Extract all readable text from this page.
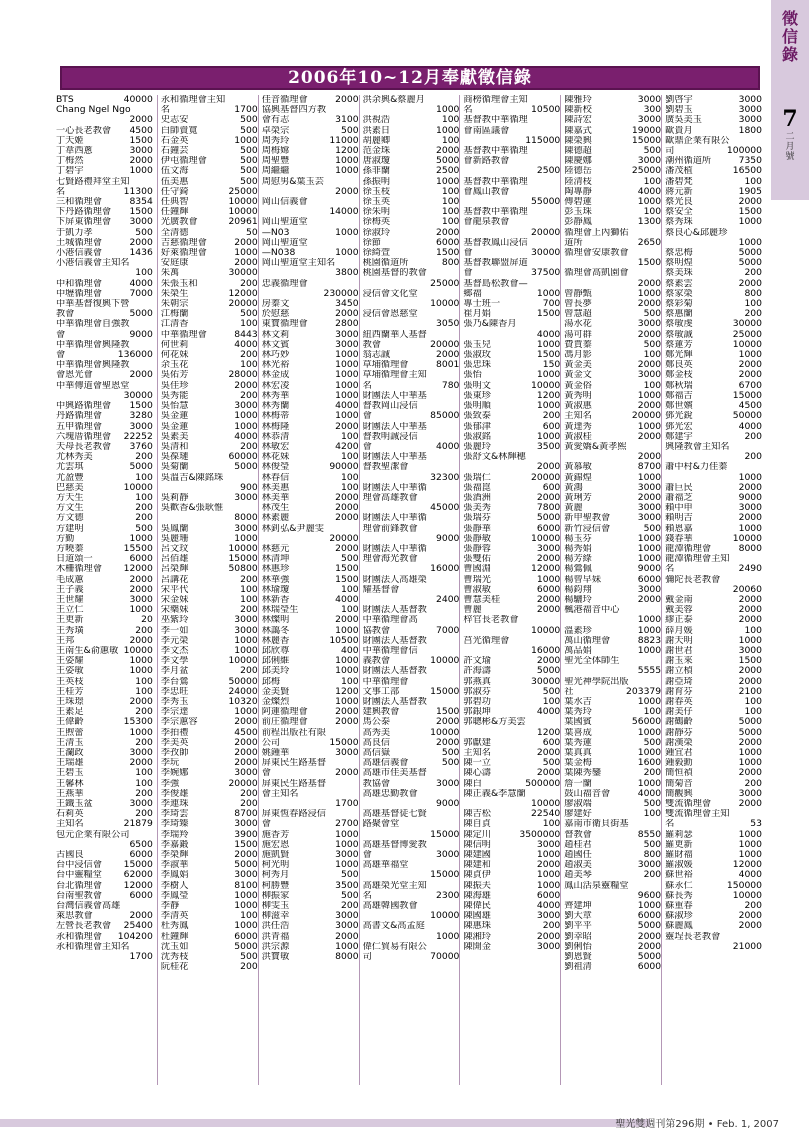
徵信錄
7
二月號
2006年10~12月奉獻徵信錄
BTS	40000
Chang Ngel Ngo
2000
一心長老教會 4500
丁天姬	1500
丁韋西蔥	3000
丁梅然	2000
丁碧宇	1000
七賢路禮拜堂主知
名	11300
三和循理會	8354
下丹路循理會 1500
下屏東循理會 3000
于凱力孝	500
土城循理會	2000
小港信義會	1436
小港信義會主知名
100
中和循理會	4000
中壢循理會	7000
中華基督復興下營
教會	5000
中華循理會自強教
會	9000
中華循理會興隆教
會	136000
中華循理會興隆教
會恩光會	2000
中華傳道會聖恩堂
30000
中興路循理會 1500
丹路循理會	3280
五甲循理會	3000
六塊厝循理會 22252
天母長老教會 3760
尤林秀美	200
尤雲琪	5000
尤盈豐	100
巴慈美	10000
方天生	100
方文生	200
方文德	200
方建明	500
方勤	1000
方曉蓁	15500
日道頌一	6000
木柵循理會 12000
毛成蕙	2000
王子義	2000
王世耀	3000
王立仁	1000
王更新	20
王秀璜	200
王邦	2000
王南生&俞蕙敏 10000
王姿耀	1000
王姿敏	1000
王英枝	100
王桂芳	100
王珠璟	2000
王素足	200
王偉齡	15300
王煦蕾	1000
王清玉	200
王瀾政	3000
王瑞雄	2000
王碧玉	100
王馨林	100
王燕華	200
王鐵玉盆	3000
石莉英	200
主知名	21879
包元企業有限公司
6500
古國良	6000
台中浸信會 15000
台中靈糧堂 62000
台北循理會 12000
台南聖教會	6000
台灣信義會高雄
萊思教會	2000
左營長老教會 25400
永和循理會 104200
永和循理會主知名
1700
永和循理會主知
名	1700
史志安	500
白師賣寬	500
石金英	1000
石鐘芸	500
伊屯循理會	500
伍文海	500
伍美惠	500
任守錡	25000
任典智	10000
任鐘輝	10000
光廣教會	20961
全清德	50
吉慈循理會	2000
好萊循理會	1000
安庭康	2000
朱萬	30000
朱張玉和	200
朱榮生	12000
朱朝宗	20000
江梅蘭	500
江清香	100
中華循理會	8443
何世莉	4000
何花妹	200
余玉花	100
吳佑芳	28000
吳佳珍	2000
吳秀能	200
吳怡慧	3000
吳金蓮	1000
吳金蓮	1000
吳素美	4000
吳清和	200
吳葆璉	60000
吳菊蘭	5000
吳溫吉&陳銘珠
900
吳莉靜	3000
吳歡香&張耿惟
8000
吳鳳蘭	3000
吳麗珊	1000
呂文玟	10000
呂佰雄	15000
呂榮輝	50800
呂講花	200
宋平代	100
宋金妹	100
宋藥妹	200
巫紫玲	3000
李一如	3000
李元榮	1000
李文杰	1000
李文學	10000
李月盆	200
李台鶯	50000
李忠旺	24000
李秀玉	10320
李宗達	1000
李宗蕙容	2000
李拍禮	4500
李美英	2000
李孜帥	2000
李玩	2000
李婉娜	3000
李強	20000
李俊雄	200
李連珠	200
李琦雲	8700
李琦臻	3000
李瑞羚	3900
李嘉鍛	1500
李榮輝	2000
李淑華	5000
李鳳娟	3000
李樹人	8100
李鳳瑩	1000
李靜	1000
李清英	100
杜秀鳳	1000
杜鐘輝	6000
沈玉如	5000
沈秀枝	500
阮桂花	200
佳音循理會	2000
協興基督四方教
會有志	3100
卓榮宗	500
周秀玲	11000
周梅嫦	1200
周聖豐	1000
周繼繼	1000
周慰男&葉玉芸
2000
岡山信義會
14000
岡山聖道堂
—N03	1000
岡山聖道堂
—N038	1000
岡山聖道堂主知名
3800
忠義循理會
230000
房蓁文	3450
於慰慈	2000
東寶循理會	2800
林文莉	3000
林文賓	3000
林巧妙	1000
林光裕	1000
林金成	1000
林宏凌	1000
林秀華	1000
林秀蘭	4000
林梅蒂	1000
林梅隆	2000
林恭清	100
林敏宏	4200
林花妹	100
林俊瑩	90000
林春信	100
林美惠	100
林美華	2000
林茂生	2000
林素麗	2000
林釗弘&尹麗雯
20000
林慈元	2000
林清坤	500
林惠珍	1500
林華強	1500
林瑜瓊	100
林新香	4000
林瑞瑩生	100
林燦明	2000
林藹冬	1000
林麗香	10500
邱欣尊	400
邱俐維	1000
邱美玲	1000
邱梅	100
金美賢	1200
金燦烈	1000
阿蓮循理會	2000
前庄循理會	2000
前程出版社有限
公司	15000
姚鍾華	3000
屏東民生路基督
會	2000
屏東民生路基督
會主知名
1700
屏東恆春路浸信
會	2700
施香芳	1000
施宏恩	1000
施凱賢	3000
柯光明	1000
柯秀月	500
柯勝豐	3500
柳振家	500
柳雯玉	200
柳滋幸	3000
洪任浩	3000
洪青福	2000
洪宗源	1000
洪寶敏	8000
洪余興&蔡麗月
1000
洪視浩	100
洪素日	1000
胡麗卿	100
范金珠	2000
唐淑瓊	5000
孫菲蘭	2500
孫振明	1000
徐玉枝	100
徐玉英	100
徐朱明	100
徐梅英	100
徐淑玲	2000
徐節	6000
徐綺萱	1500
桃園循道所	800
桃園基督的教會
25000
浸信會文化堂
10000
浸信會恩慈堂
3050
紐西蘭華人基督
教會	20000
翁志誠	2000
草埔循理會	8001
草埔循理會主知
名	780
財團法人中華基
督教岡山浸信
會	85000
財團法人中華基
督教明誠浸信
會	4000
財團法人中華基
督教聖潔會
32300
財團法人中華循
理會高雄教會
45000
財團法人中華循
理會前鋒教會
9000
財團法人中華循
理會海光教會
16000
財團法人高雄榮
耀基督會
2400
財團法人基督教
中華循理會高
協教會	7000
財團法人基督教
中華循理會信
義教會	10000
財團法人基督教
中華循理會
文事工部	15000
財團法人基督教
建興教會	1500
馬公泰	2000
高秀美	10000
高良信	2000
高信嶽	500
高雄信義會	500
高雄市佳美基督
教協會	3000
高雄忠勤教會
9000
高雄基督徒七賢
路聚會堂
15000
高雄基督博愛教
會	3000
高雄華福堂
15000
高雄榮光堂主知
名	2300
高雄韓國教會
10000
高書文&高孟庭
1000
偉仁貿易有限公
司	70000
商榜循理會主知
名	10500
基督教中華循理
會南區議會
115000
基督教中華循理
會新路教會
2500
基督教中華循理
會鳳山教會
55000
基督教中華循理
會龍泉教會
20000
基督教鳳山浸信
會	30000
基督教聯盟屏道
會	37500
基督島松教會—
鄉福	1000
專士班一	700
崔月娟	1500
張乃&陳香月
4000
張玉兒	1000
張淑玫	1500
張忠珠	150
張怡	1000
張明文	10000
張東珍	1200
張明順	1000
張致泰	200
張郁津	600
張淑銘	1000
張麗玲	3500
張舒文&林輝穗
2000
張瑞仁	20000
張福崑	600
張酒洲	2000
張美秀	7800
張瑞芬	5000
張靜華	6000
張靜敏	10000
張靜蓉	3000
張雙佑	2000
曹國淵	12000
曹瑞光	1000
曹淑敏	6000
曹慧美桂	2000
曹麗	2000
梓官長老教會
10000
莒光循理會
16000
許文瑜	2000
許海濤	5000
郭燕真	30000
郭淑芬	500
郭碧功	100
郭銀坤	4000
郭聰彬&方美雲
1200
郭獻建	600
主知名	2000
陳一立	500
陳心濤	2000
陳白	500000
陳正義&李慧蘭
10000
陳吉松	22540
陳自貞	100
陳定川	3500000
陳信明	3000
陳建國	1000
陳建和	2000
陳貞伊	1000
陳振夫	1000
陳海雄	6000
陳偉民	4000
陳國雄	3000
陳惠珠	200
陳湘玲	2000
陳開金	3000
陳雅玲	3000
陳新校	300
陳詩宏	3000
陳嘉式	19000
陳榮興	15000
陳德超	500
陳慶娜	3000
陸德岳	25000
陸清枝	100
陶專靜	4000
傅碧蓮	1000
彭玉珠	100
彭靜鳳	1300
循理會上內獅佑
道所	2650
循理會安康教會
1500
循理會高凱園會
2000
曾靜甄	1000
曾長夢	2000
曾慧超	500
湯水花	3000
湯可群	2000
費賈蓁	500
馮月影	100
黃金美	2000
黃金文	3000
黃金俗	100
黃秀明	1000
黃淑惠	2000
主知名	20000
黃達秀	1000
黃淑桂	2000
黃愛嬌&黃孝熙
2000
黃慕敏	8700
黃錦煌	1000
黃鴻	3000
黃琍芳	2000
黃麗	3000
新甲聖教會	3000
新竹浸信會	500
楊玉芬	1000
楊秀娟	1000
楊芳綠	1000
楊鶯佩	9000
楊曾早妹	6000
楊鈞翔	3000
楊驪玲	2000
楓港福音中心
1000
溫素珍	1000
萬山循理會	8823
萬品娟	1000
聖光全体師生
5555
聖光神學院出版
社	203379
葉水吉	1000
葉秀玲	100
葉國賓	56000
葉喜成	1000
葉秀蓮	500
葉真真	1000
葉金梅	1600
葉陳秀鑾	200
詹一蘭	1000
鼓山福音會	4000
廖淑端	500
廖建好	100
嘉南市衛貝街基
督教會	8550
趙桂君	500
趙國任	800
趙淑美	3000
趙美琴	200
鳳山活泉靈糧堂
9600
齊建坤	1000
劉大章	6000
劉平平	5000
劉幸昭	2000
劉俐怡	2000
劉恩賢	5000
劉祖清	6000
劉啓宇	3000
劉碧玉	3000
廣吳美玉	3000
歐貴月	1800
歐鼎企業有限公
司	100000
潮州循道所	7350
潘茂植	16500
潘碧梵	100
蔣元新	1905
蔡光良	2000
蔡安全	1500
蔡秀珠	1000
蔡良心&邱麗珍
1000
蔡忠梅	5000
蔡明煌	5000
蔡美珠	200
蔡素雲	2000
蔡家榮	800
蔡彩菊	100
蔡惠蘭	200
蔡敏虔	30000
蔡敏誠	25000
蔡蓮芳	10000
鄭光輝	1000
鄭良英	2000
鄭金枝	2000
鄭秋瑞	6700
鄭福吉	15000
鄭世嬪	4500
鄧光銳	50000
鄧光宏	4000
鄭建宇	200
興隆教會主知名
200
蕭中村&力佳蓁
1000
蕭巨民	2000
蕭福芝	9000
賴中申	3000
賴明吉	2000
賴恩嘉	1000
錢春華	10000
龍潭循理會	8000
龍潭循理會主知
名	2490
彌陀長老教會
20060
戴金南	2000
戴美蓉	2000
繆正泰	2000
薛月媛	100
謝天明	1000
謝世君	3000
謝玉來	1500
謝立楨	2000
謝亞琦	2000
謝育芬	2100
謝春英	100
謝美仔	100
謝鶴齡	5000
謝靜芬	5000
謝漢榮	2000
鍾宜君	1000
鍾毅勳	1000
簡恒禎	2000
簡菊音	200
簡觀興	3000
雙流循理會	2000
雙流循理會主知
名	53
羅莉瑟	1000
羅更新	1000
羅財福	1000
羅淑媛	12000
蘇世裕	4000
蘇永仁	150000
蘇長秀	10000
蘇重春	200
蘇淑珍	2000
蘇麗鳳	2000
靈埕長老教會
21000
聖光雙週刊第296期 • Feb. 1, 2007
